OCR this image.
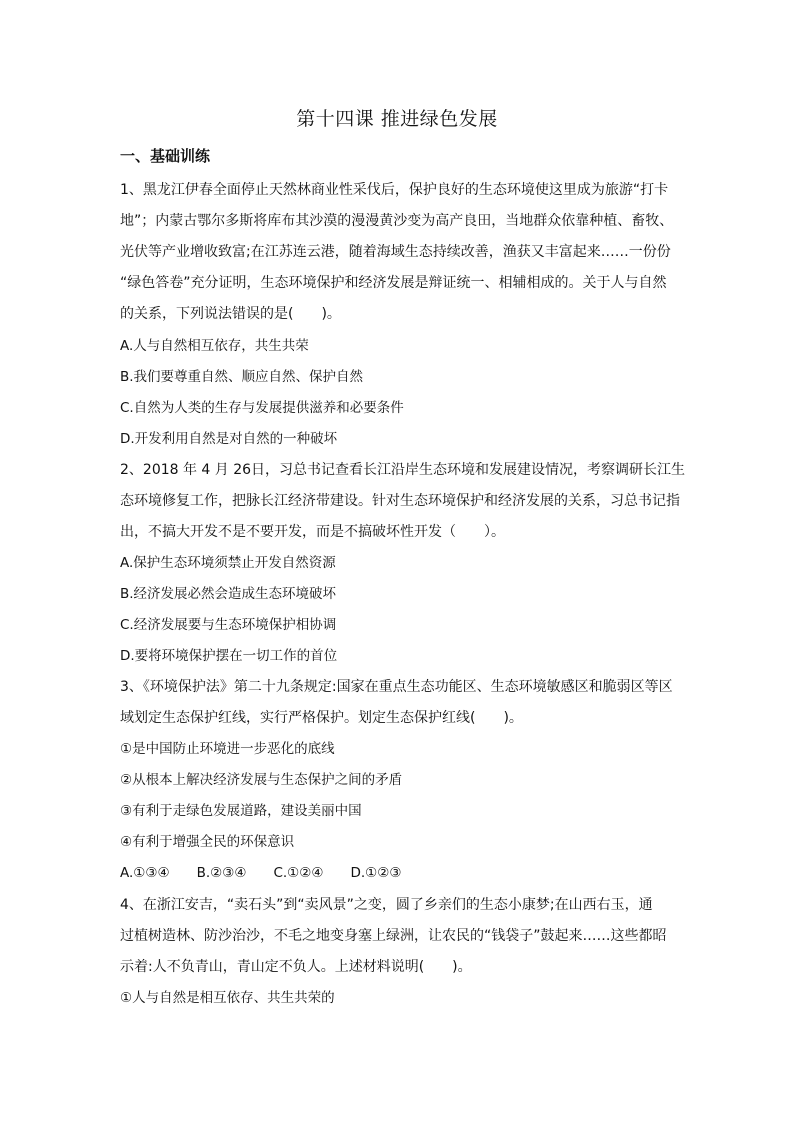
第十四课 推进绿色发展
一、基础训练
1、黑龙江伊春全面停止天然林商业性采伐后，保护良好的生态环境使这里成为旅游“打卡
地”；内蒙古鄂尔多斯将库布其沙漠的漫漫黄沙变为高产良田，当地群众依靠种植、畜牧、
光伏等产业增收致富;在江苏连云港，随着海域生态持续改善，渔获又丰富起来……一份份
“绿色答卷”充分证明，生态环境保护和经济发展是辩证统一、相辅相成的。关于人与自然
的关系，下列说法错误的是(　　)。
A.人与自然相互依存，共生共荣
B.我们要尊重自然、顺应自然、保护自然
C.自然为人类的生存与发展提供滋养和必要条件
D.开发利用自然是对自然的一种破坏
2、2018 年 4 月 26日，习总书记查看长江沿岸生态环境和发展建设情况，考察调研长江生
态环境修复工作，把脉长江经济带建设。针对生态环境保护和经济发展的关系，习总书记指
出，不搞大开发不是不要开发，而是不搞破坏性开发（　　）。
A.保护生态环境须禁止开发自然资源
B.经济发展必然会造成生态环境破坏
C.经济发展要与生态环境保护相协调
D.要将环境保护摆在一切工作的首位
3、《环境保护法》第二十九条规定:国家在重点生态功能区、生态环境敏感区和脆弱区等区
域划定生态保护红线，实行严格保护。划定生态保护红线(　　)。
①是中国防止环境进一步恶化的底线
②从根本上解决经济发展与生态保护之间的矛盾
③有利于走绿色发展道路，建设美丽中国
④有利于增强全民的环保意识
A.①③④　　B.②③④　　C.①②④　　D.①②③
4、在浙江安吉，“卖石头”到“卖风景”之变，圆了乡亲们的生态小康梦;在山西右玉，通
过植树造林、防沙治沙，不毛之地变身塞上绿洲，让农民的“钱袋子”鼓起来……这些都昭
示着:人不负青山，青山定不负人。上述材料说明(　　)。
①人与自然是相互依存、共生共荣的
